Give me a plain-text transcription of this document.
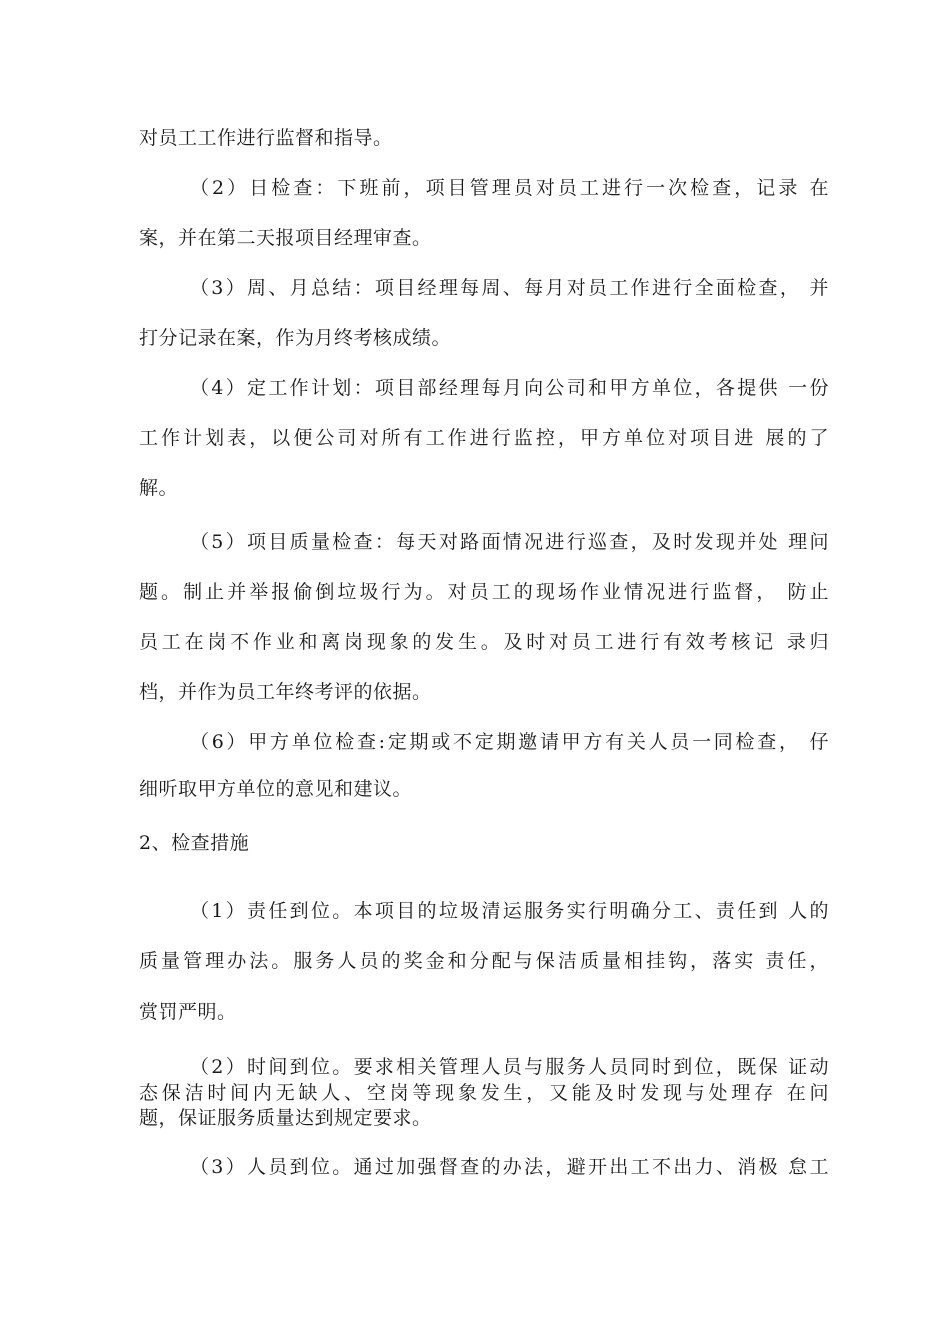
对员工工作进行监督和指导。
（2）日检查：下班前，项目管理员对员工进行一次检查，记录 在
案，并在第二天报项目经理审查。
（3）周、月总结：项目经理每周、每月对员工作进行全面检查， 并
打分记录在案，作为月终考核成绩。
（4）定工作计划：项目部经理每月向公司和甲方单位，各提供 一份
工作计划表，以便公司对所有工作进行监控，甲方单位对项目进 展的了
解。
（5）项目质量检查：每天对路面情况进行巡查，及时发现并处 理问
题。制止并举报偷倒垃圾行为。对员工的现场作业情况进行监督， 防止
员工在岗不作业和离岗现象的发生。及时对员工进行有效考核记 录归
档，并作为员工年终考评的依据。
（6）甲方单位检查:定期或不定期邀请甲方有关人员一同检查， 仔
细听取甲方单位的意见和建议。
2、检查措施
（1）责任到位。本项目的垃圾清运服务实行明确分工、责任到 人的
质量管理办法。服务人员的奖金和分配与保洁质量相挂钩，落实 责任，
赏罚严明。
（2）时间到位。要求相关管理人员与服务人员同时到位，既保 证动
态保洁时间内无缺人、空岗等现象发生，又能及时发现与处理存 在问
题，保证服务质量达到规定要求。
（3）人员到位。通过加强督查的办法，避开出工不出力、消极 怠工
